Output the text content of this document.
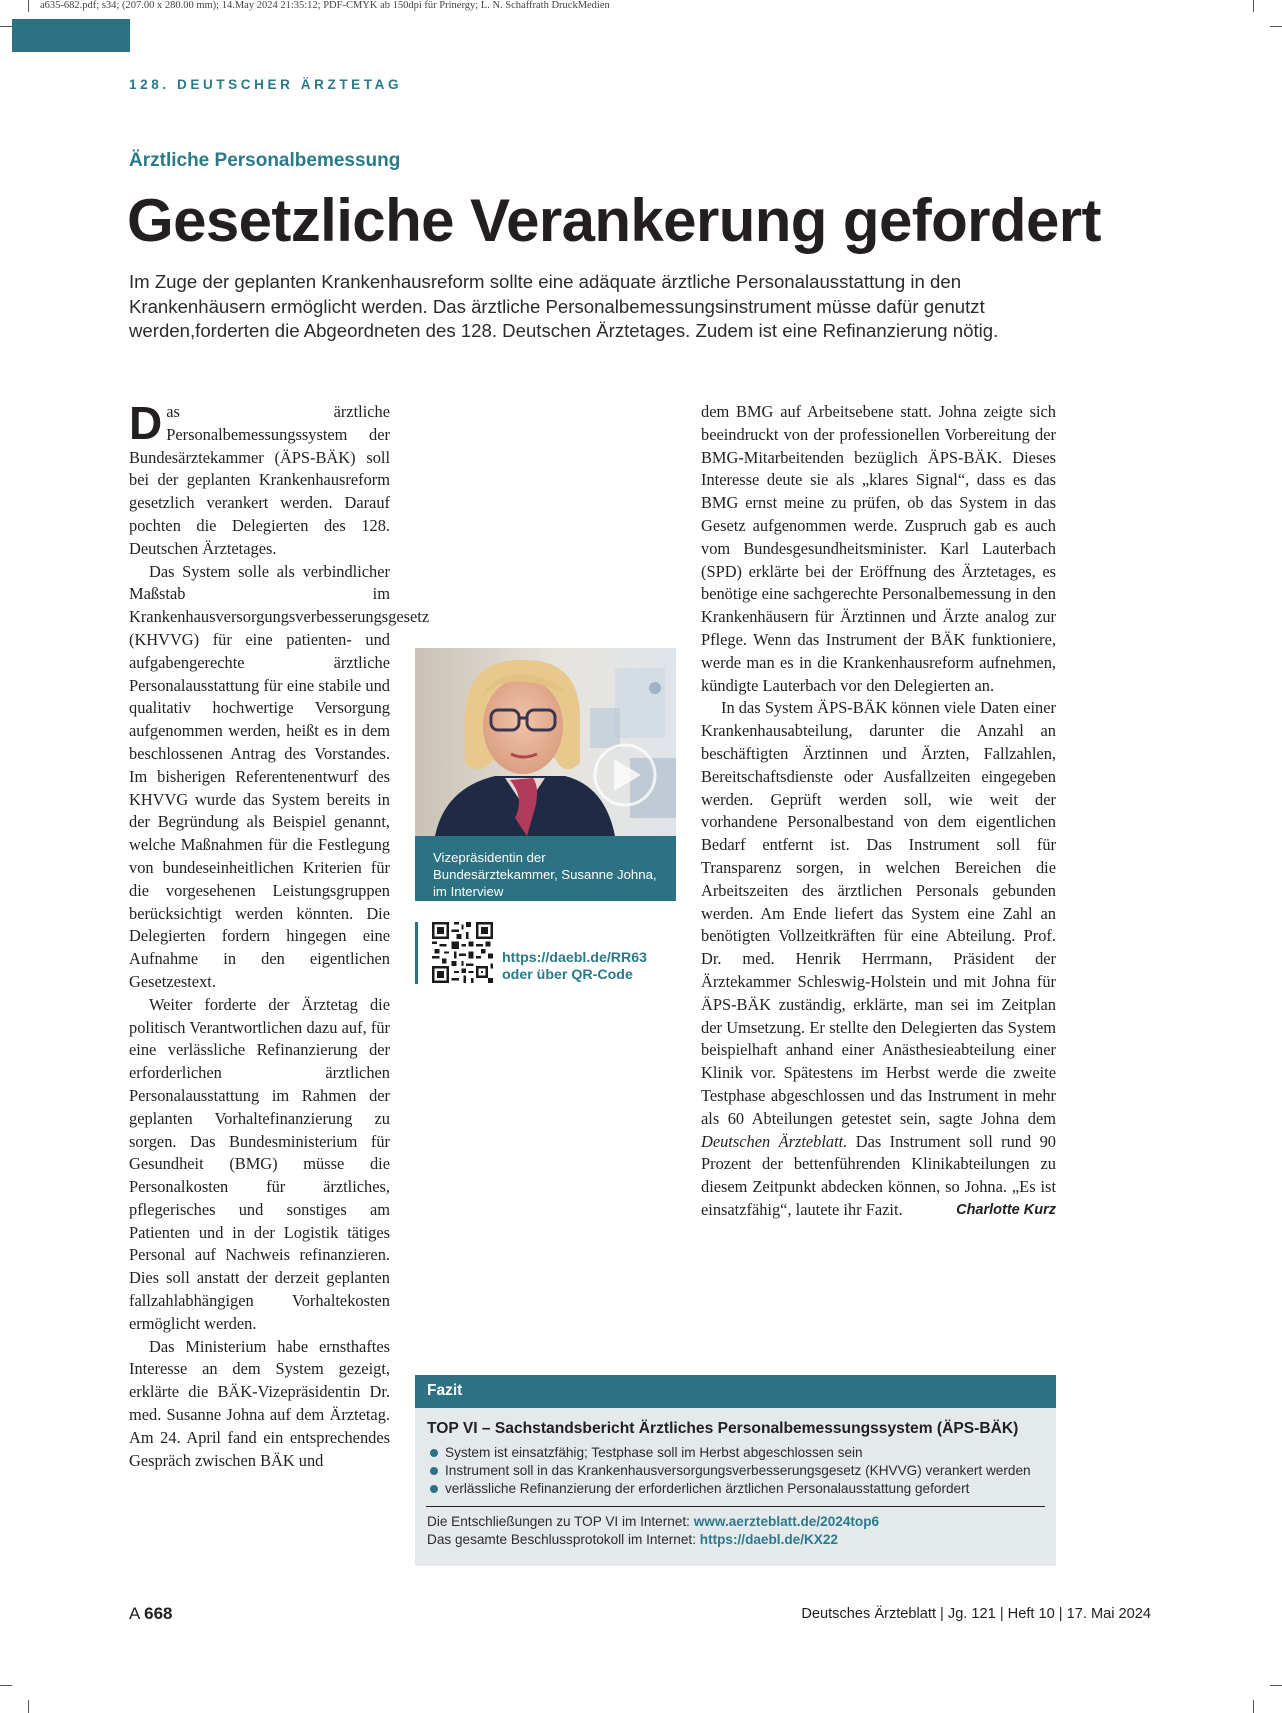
a635-682.pdf; s34; (207.00 x 280.00 mm); 14.May 2024 21:35:12; PDF-CMYK ab 150dpi für Prinergy; L. N. Schaffrath DruckMedien
128. DEUTSCHER ÄRZTETAG
Ärztliche Personalbemessung
Gesetzliche Verankerung gefordert
Im Zuge der geplanten Krankenhausreform sollte eine adäquate ärztliche Personalausstattung in den Krankenhäusern ermöglicht werden. Das ärztliche Personalbemessungsinstrument müsse dafür genutzt werden,forderten die Abgeordneten des 128. Deutschen Ärztetages. Zudem ist eine Refinanzierung nötig.

Das ärztliche Personalbemessungssystem der Bundesärztekammer (ÄPS-BÄK) soll bei der geplanten Krankenhausreform gesetzlich verankert werden. Darauf pochten die Delegierten des 128. Deutschen Ärztetages.

Das System solle als verbindlicher Maßstab im Krankenhausversorgungsverbesserungsgesetz (KHVVG) für eine patienten- und aufgabengerechte ärztliche Personalausstattung für eine stabile und qualitativ hochwertige Versorgung aufgenommen werden, heißt es in dem beschlossenen Antrag des Vorstandes. Im bisherigen Referentenentwurf des KHVVG wurde das System bereits in der Begründung als Beispiel genannt, welche Maßnahmen für die Festlegung von bundeseinheitlichen Kriterien für die vorgesehenen Leistungsgruppen berücksichtigt werden könnten. Die Delegierten fordern hingegen eine Aufnahme in den eigentlichen Gesetzestext.

Weiter forderte der Ärztetag die politisch Verantwortlichen dazu auf, für eine verlässliche Refinanzierung der erforderlichen ärztlichen Personalausstattung im Rahmen der geplanten Vorhaltefinanzierung zu sorgen. Das Bundesministerium für Gesundheit (BMG) müsse die Personalkosten für ärztliches, pflegerisches und sonstiges am Patienten und in der Logistik tätiges Personal auf Nachweis refinanzieren. Dies soll anstatt der derzeit geplanten fallzahlabhängigen Vorhaltekosten ermöglicht werden.

Das Ministerium habe ernsthaftes Interesse an dem System gezeigt, erklärte die BÄK-Vizepräsidentin Dr. med. Susanne Johna auf dem Ärztetag. Am 24. April fand ein entsprechendes Gespräch zwischen BÄK und

Vizepräsidentin der Bundesärztekammer, Susanne Johna, im Interview
https://daebl.de/RR63
oder über QR-Code

dem BMG auf Arbeitsebene statt. Johna zeigte sich beeindruckt von der professionellen Vorbereitung der BMG-Mitarbeitenden bezüglich ÄPS-BÄK. Dieses Interesse deute sie als „klares Signal“, dass es das BMG ernst meine zu prüfen, ob das System in das Gesetz aufgenommen werde. Zuspruch gab es auch vom Bundesgesundheitsminister. Karl Lauterbach (SPD) erklärte bei der Eröffnung des Ärztetages, es benötige eine sachgerechte Personalbemessung in den Krankenhäusern für Ärztinnen und Ärzte analog zur Pflege. Wenn das Instrument der BÄK funktioniere, werde man es in die Krankenhausreform aufnehmen, kündigte Lauterbach vor den Delegierten an.

In das System ÄPS-BÄK können viele Daten einer Krankenhausabteilung, darunter die Anzahl an beschäftigten Ärztinnen und Ärzten, Fallzahlen, Bereitschaftsdienste oder Ausfallzeiten eingegeben werden. Geprüft werden soll, wie weit der vorhandene Personalbestand von dem eigentlichen Bedarf entfernt ist. Das Instrument soll für Transparenz sorgen, in welchen Bereichen die Arbeitszeiten des ärztlichen Personals gebunden werden. Am Ende liefert das System eine Zahl an benötigten Vollzeitkräften für eine Abteilung. Prof. Dr. med. Henrik Herrmann, Präsident der Ärztekammer Schleswig-Holstein und mit Johna für ÄPS-BÄK zuständig, erklärte, man sei im Zeitplan der Umsetzung. Er stellte den Delegierten das System beispielhaft anhand einer Anästhesieabteilung einer Klinik vor. Spätestens im Herbst werde die zweite Testphase abgeschlossen und das Instrument in mehr als 60 Abteilungen getestet sein, sagte Johna dem Deutschen Ärzteblatt. Das Instrument soll rund 90 Prozent der bettenführenden Klinikabteilungen zu diesem Zeitpunkt abdecken können, so Johna. „Es ist einsatzfähig“, lautete ihr Fazit.	Charlotte Kurz

Fazit
TOP VI – Sachstandsbericht Ärztliches Personalbemessungssystem (ÄPS-BÄK)
System ist einsatzfähig; Testphase soll im Herbst abgeschlossen sein
Instrument soll in das Krankenhausversorgungsverbesserungsgesetz (KHVVG) verankert werden
verlässliche Refinanzierung der erforderlichen ärztlichen Personalausstattung gefordert
Die Entschließungen zu TOP VI im Internet: www.aerzteblatt.de/2024top6
Das gesamte Beschlussprotokoll im Internet: https://daebl.de/KX22
A 668	Deutsches Ärzteblatt | Jg. 121 | Heft 10 | 17. Mai 2024
